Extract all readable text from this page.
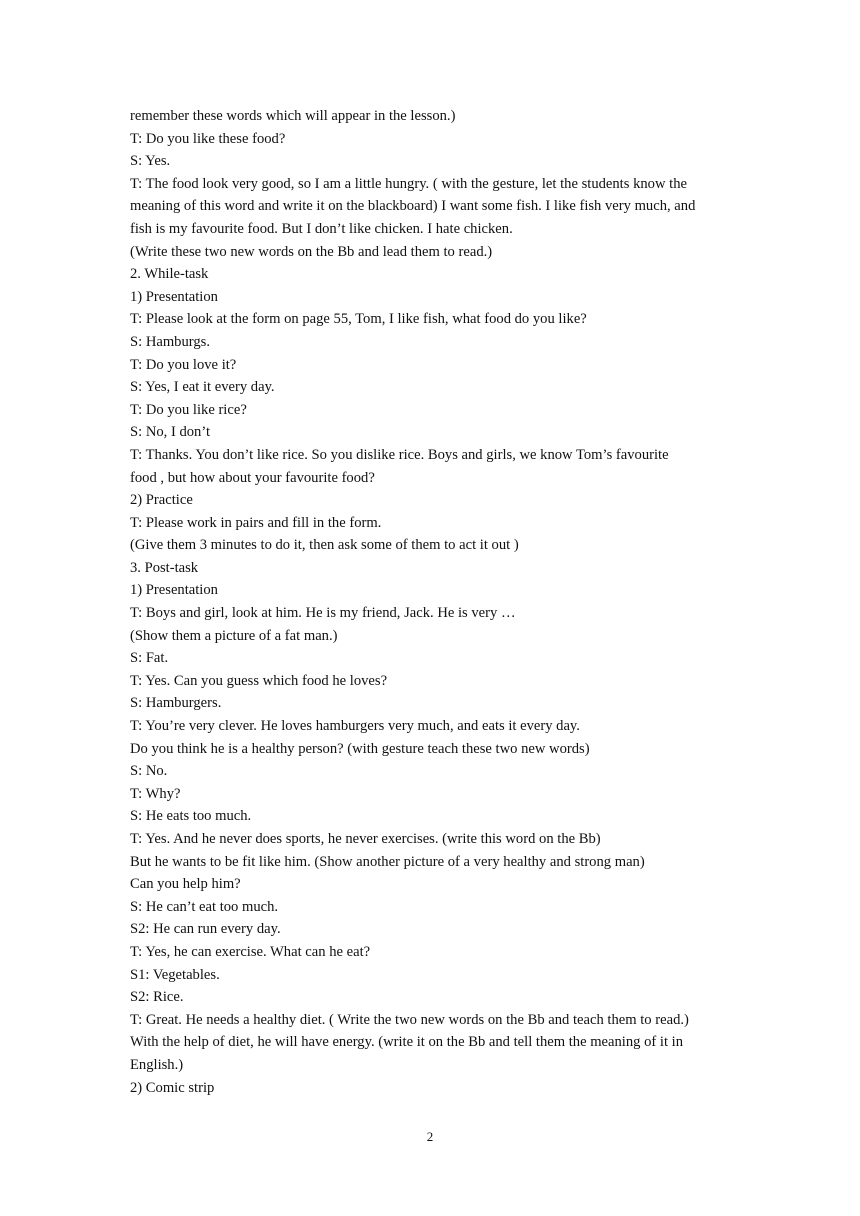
remember these words which will appear in the lesson.)
T: Do you like these food?
S: Yes.
T: The food look very good, so I am a little hungry. ( with the gesture, let the students know the
meaning of this word and write it on the blackboard) I want some fish. I like fish very much, and
fish is my favourite food. But I don’t like chicken. I hate chicken.
(Write these two new words on the Bb and lead them to read.)
2. While-task
1) Presentation
T: Please look at the form on page 55, Tom, I like fish, what food do you like?
S: Hamburgs.
T: Do you love it?
S: Yes, I eat it every day.
T: Do you like rice?
S: No, I don’t
T: Thanks. You don’t like rice. So you dislike rice. Boys and girls, we know Tom’s favourite
food , but how about your favourite food?
2) Practice
T: Please work in pairs and fill in the form.
(Give them 3 minutes to do it, then ask some of them to act it out )
3. Post-task
1) Presentation
T: Boys and girl, look at him. He is my friend, Jack. He is very …
(Show them a picture of a fat man.)
S: Fat.
T: Yes. Can you guess which food he loves?
S: Hamburgers.
T: You’re very clever. He loves hamburgers very much, and eats it every day.
Do you think he is a healthy person? (with gesture teach these two new words)
S: No.
T: Why?
S: He eats too much.
T: Yes. And he never does sports, he never exercises. (write this word on the Bb)
But he wants to be fit like him. (Show another picture of a very healthy and strong man)
Can you help him?
S: He can’t eat too much.
S2: He can run every day.
T: Yes, he can exercise. What can he eat?
S1: Vegetables.
S2: Rice.
T: Great. He needs a healthy diet. ( Write the two new words on the Bb and teach them to read.)
With the help of diet, he will have energy. (write it on the Bb and tell them the meaning of it in
English.)
2) Comic strip
2
